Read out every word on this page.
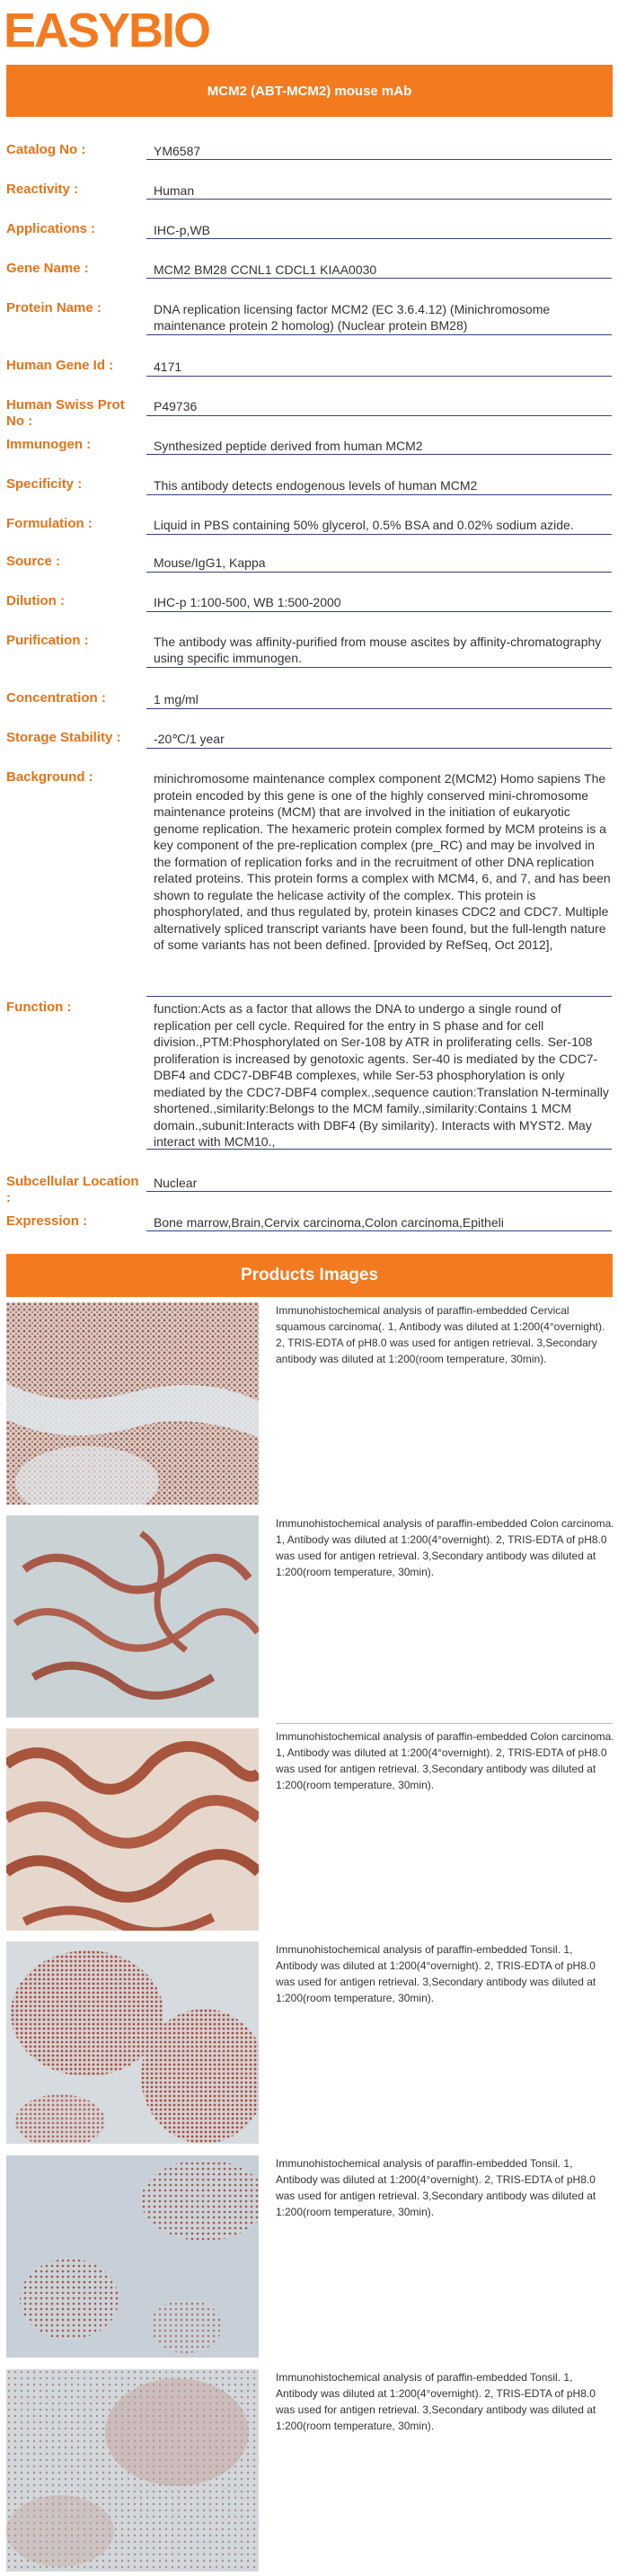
EASYBIO
MCM2 (ABT-MCM2) mouse mAb
Catalog No :	YM6587
Reactivity :	Human
Applications :	IHC-p,WB
Gene Name :	MCM2 BM28 CCNL1 CDCL1 KIAA0030
Protein Name :	DNA replication licensing factor MCM2 (EC 3.6.4.12) (Minichromosome maintenance protein 2 homolog) (Nuclear protein BM28)
Human Gene Id :	4171
Human Swiss Prot No :
P49736
Immunogen :	Synthesized peptide derived from human MCM2
Specificity :	This antibody detects endogenous levels of human MCM2
Formulation :	Liquid in PBS containing 50% glycerol, 0.5% BSA and 0.02% sodium azide.
Source :	Mouse/IgG1, Kappa
Dilution :	IHC-p 1:100-500, WB 1:500-2000
Purification :	The antibody was affinity-purified from mouse ascites by affinity-chromatography using specific immunogen.
Concentration :	1 mg/ml
Storage Stability :	-20℃/1 year
Background :	minichromosome maintenance complex component 2(MCM2) Homo sapiens The protein encoded by this gene is one of the highly conserved mini-chromosome maintenance proteins (MCM) that are involved in the initiation of eukaryotic genome replication. The hexameric protein complex formed by MCM proteins is a key component of the pre-replication complex (pre_RC) and may be involved in the formation of replication forks and in the recruitment of other DNA replication related proteins. This protein forms a complex with MCM4, 6, and 7, and has been shown to regulate the helicase activity of the complex. This protein is phosphorylated, and thus regulated by, protein kinases CDC2 and CDC7. Multiple alternatively spliced transcript variants have been found, but the full-length nature of some variants has not been defined. [provided by RefSeq, Oct 2012],
Function :	function:Acts as a factor that allows the DNA to undergo a single round of replication per cell cycle. Required for the entry in S phase and for cell division.,PTM:Phosphorylated on Ser-108 by ATR in proliferating cells. Ser-108 proliferation is increased by genotoxic agents. Ser-40 is mediated by the CDC7-DBF4 and CDC7-DBF4B complexes, while Ser-53 phosphorylation is only mediated by the CDC7-DBF4 complex.,sequence caution:Translation N-terminally shortened.,similarity:Belongs to the MCM family.,similarity:Contains 1 MCM domain.,subunit:Interacts with DBF4 (By similarity). Interacts with MYST2. May interact with MCM10.,
Subcellular Location :
Nuclear
Expression :	Bone marrow,Brain,Cervix carcinoma,Colon carcinoma,Epitheli
Products Images
Immunohistochemical analysis of paraffin-embedded Cervical squamous carcinoma(. 1, Antibody was diluted at 1:200(4°overnight). 2, TRIS-EDTA of pH8.0 was used for antigen retrieval. 3,Secondary antibody was diluted at 1:200(room temperature, 30min).
Immunohistochemical analysis of paraffin-embedded Colon carcinoma. 1, Antibody was diluted at 1:200(4°overnight). 2, TRIS-EDTA of pH8.0 was used for antigen retrieval. 3,Secondary antibody was diluted at 1:200(room temperature, 30min).
Immunohistochemical analysis of paraffin-embedded Colon carcinoma. 1, Antibody was diluted at 1:200(4°overnight). 2, TRIS-EDTA of pH8.0 was used for antigen retrieval. 3,Secondary antibody was diluted at 1:200(room temperature, 30min).
Immunohistochemical analysis of paraffin-embedded Tonsil. 1, Antibody was diluted at 1:200(4°overnight). 2, TRIS-EDTA of pH8.0 was used for antigen retrieval. 3,Secondary antibody was diluted at 1:200(room temperature, 30min).
Immunohistochemical analysis of paraffin-embedded Tonsil. 1, Antibody was diluted at 1:200(4°overnight). 2, TRIS-EDTA of pH8.0 was used for antigen retrieval. 3,Secondary antibody was diluted at 1:200(room temperature, 30min).
Immunohistochemical analysis of paraffin-embedded Tonsil. 1, Antibody was diluted at 1:200(4°overnight). 2, TRIS-EDTA of pH8.0 was used for antigen retrieval. 3,Secondary antibody was diluted at 1:200(room temperature, 30min).
